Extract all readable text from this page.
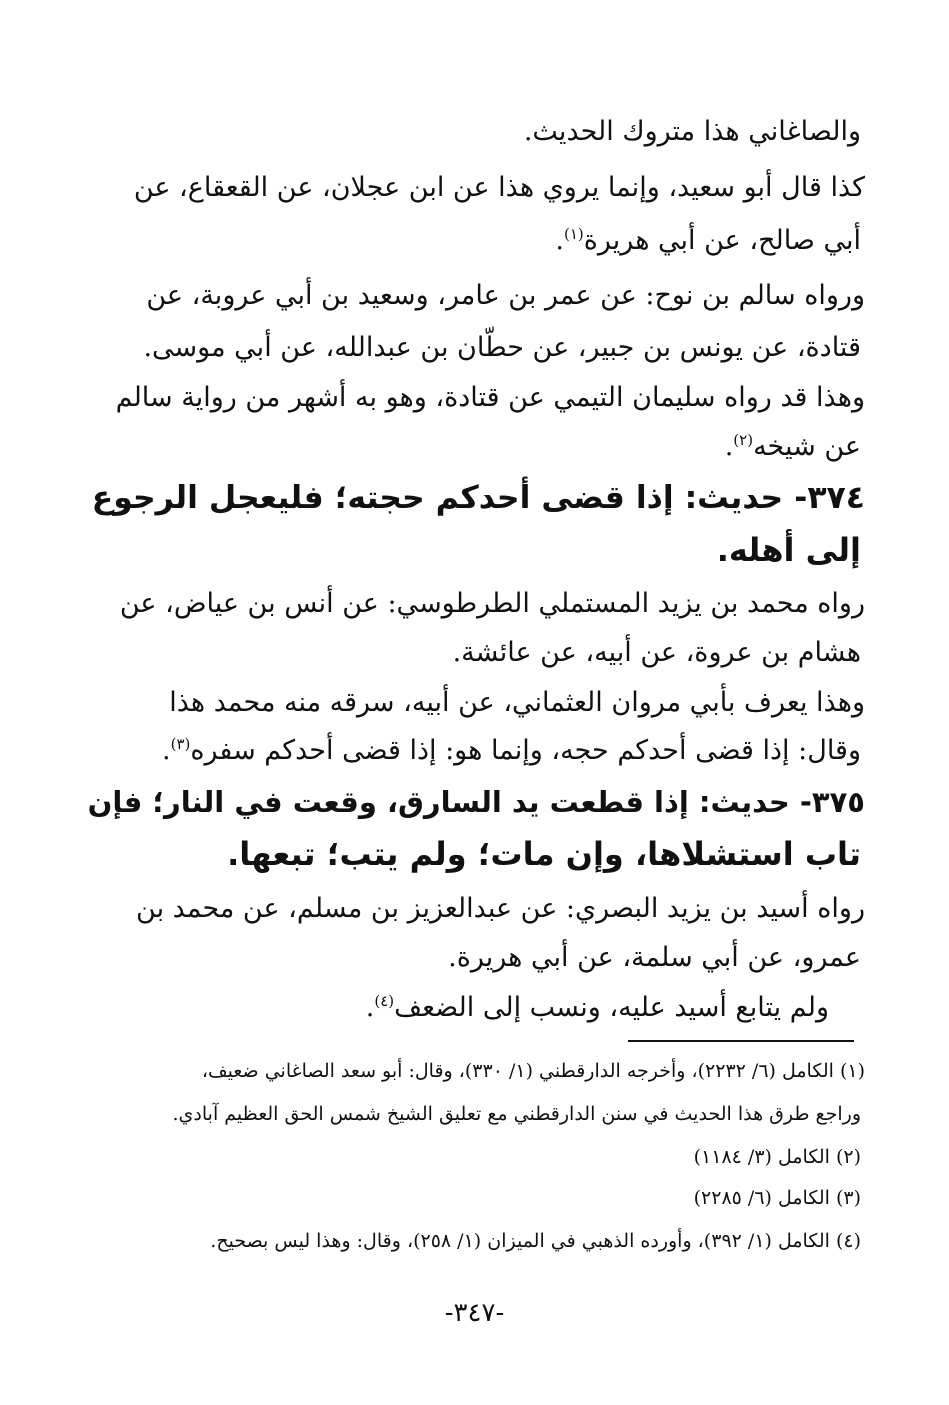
والصاغاني هذا متروك الحديث.
كذا قال أبو سعيد، وإنما يروي هذا عن ابن عجلان، عن القعقاع، عن
أبي صالح، عن أبي هريرة$^{(١)}$.
ورواه سالم بن نوح: عن عمر بن عامر، وسعيد بن أبي عروبة، عن
قتادة، عن يونس بن جبير، عن حطّان بن عبدالله، عن أبي موسى.
وهذا قد رواه سليمان التيمي عن قتادة، وهو به أشهر من رواية سالم
عن شيخه$^{(٢)}$.
٣٧٤- حديث: إذا قضى أحدكم حجته؛ فليعجل الرجوع
إلى أهله.
رواه محمد بن يزيد المستملي الطرطوسي: عن أنس بن عياض، عن
هشام بن عروة، عن أبيه، عن عائشة.
وهذا يعرف بأبي مروان العثماني، عن أبيه، سرقه منه محمد هذا
وقال: إذا قضى أحدكم حجه، وإنما هو: إذا قضى أحدكم سفره$^{(٣)}$.
٣٧٥- حديث: إذا قطعت يد السارق، وقعت في النار؛ فإن
تاب استشلاها، وإن مات؛ ولم يتب؛ تبعها.
رواه أسيد بن يزيد البصري: عن عبدالعزيز بن مسلم، عن محمد بن
عمرو، عن أبي سلمة، عن أبي هريرة.
ولم يتابع أسيد عليه، ونسب إلى الضعف$^{(٤)}$.
(١) الكامل (٦/ ٢٢٣٢)، وأخرجه الدارقطني (١/ ٣٣٠)، وقال: أبو سعد الصاغاني ضعيف،
وراجع طرق هذا الحديث في سنن الدارقطني مع تعليق الشيخ شمس الحق العظيم آبادي.
(٢) الكامل (٣/ ١١٨٤)
(٣) الكامل (٦/ ٢٢٨٥)
(٤) الكامل (١/ ٣٩٢)، وأورده الذهبي في الميزان (١/ ٢٥٨)، وقال: وهذا ليس بصحيح.
-٣٤٧-
